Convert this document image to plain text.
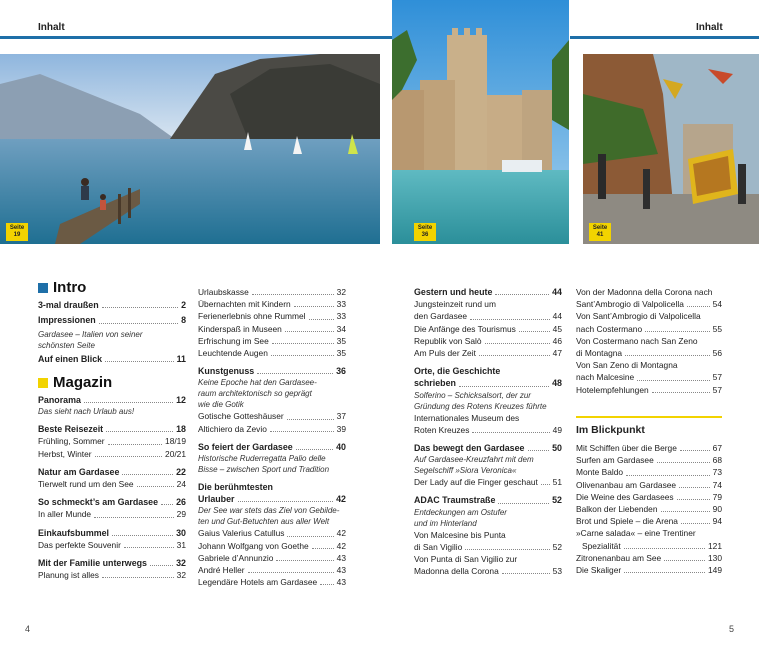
Inhalt	Inhalt
Seite
19
Seite
36
Seite
41
Intro
3-mal draußen	2
Impressionen	8
Gardasee – Italien von seiner
schönsten Seite
Auf einen Blick	11
Magazin
Panorama	12
Das sieht nach Urlaub aus!
Beste Reisezeit	18
Frühling, Sommer	18/19
Herbst, Winter	20/21
Natur am Gardasee	22
Tierwelt rund um den See	24
So schmeckt’s am Gardasee 26
In aller Munde	29
Einkaufsbummel	30
Das perfekte Souvenir	31
Mit der Familie unterwegs	32
Planung ist alles	32
Urlaubskasse	32
Übernachten mit Kindern	33
Ferienerlebnis ohne Rummel	33
Kinderspaß in Museen	34
Erfrischung im See	35
Leuchtende Augen	35
Kunstgenuss	36
Keine Epoche hat den Gardasee-
raum architektonisch so geprägt
wie die Gotik
Gotische Gotteshäuser	37
Altichiero da Zevio	39
So feiert der Gardasee	40
Historische Ruderregatta Palio delle
Bisse – zwischen Sport und Tradition
Die berühmtesten
Urlauber	42
Der See war stets das Ziel von Gebilde-
ten und Gut-Betuchten aus aller Welt
Gaius Valerius Catullus	42
Johann Wolfgang von Goethe	42
Gabriele d’Annunzio	43
André Heller	43
Legendäre Hotels am Gardasee 43
Gestern und heute	44
Jungsteinzeit rund um
den Gardasee	44
Die Anfänge des Tourismus	45
Republik von Salò	46
Am Puls der Zeit	47
Orte, die Geschichte
schrieben	48
Solferino – Schicksalsort, der zur
Gründung des Rotens Kreuzes führte
Internationales Museum des
Roten Kreuzes	49
Das bewegt den Gardasee	50
Auf Gardasee-Kreuzfahrt mit dem
Segelschiff »Siora Veronica«
Der Lady auf die Finger geschaut 51
ADAC Traumstraße	52
Entdeckungen am Ostufer
und im Hinterland
Von Malcesine bis Punta
di San Vigilio	52
Von Punta di San Vigilio zur
Madonna della Corona	53
Von der Madonna della Corona nach
Sant’Ambrogio di Valpolicella	54
Von Sant’Ambrogio di Valpolicella
nach Costermano	55
Von Costermano nach San Zeno
di Montagna	56
Von San Zeno di Montagna
nach Malcesine	57
Hotelempfehlungen	57
Im Blickpunkt
Mit Schiffen über die Berge	67
Surfen am Gardasee	68
Monte Baldo	73
Olivenanbau am Gardasee	74
Die Weine des Gardasees	79
Balkon der Liebenden	90
Brot und Spiele – die Arena	94
»Carne salada« – eine Trentiner
Spezialität	121
Zitronenanbau am See	130
Die Skaliger	149
4	5
